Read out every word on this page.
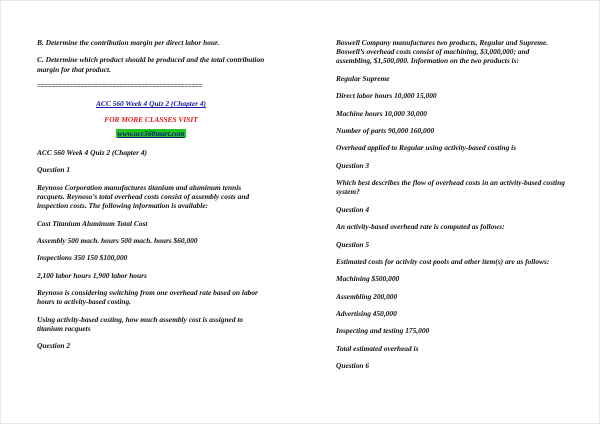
B. Determine the contribution margin per direct labor hour.

C. Determine which product should be produced and the total contribution margin for that product.

==============================================

ACC 560 Week 4 Quiz 2 (Chapter 4)

FOR MORE CLASSES VISIT

www.acc560mart.com

ACC 560 Week 4 Quiz 2 (Chapter 4)

Question 1

Reynoso Corporation manufactures titanium and aluminum tennis racquets. Reynoso’s total overhead costs consist of assembly costs and inspection costs. The following information is available:

Cost Titanium Aluminum Total Cost

Assembly 500 mach. hours 500 mach. hours $60,000

Inspections 350 150 $100,000

2,100 labor hours 1,900 labor hours

Reynoso is considering switching from one overhead rate based on labor hours to activity-based costing.

Using activity-based costing, how much assembly cost is assigned to titanium racquets

Question 2

Boswell Company manufactures two products, Regular and Supreme. Boswell’s overhead costs consist of machining, $3,000,000; and assembling, $1,500,000. Information on the two products is:

Regular Supreme

Direct labor hours 10,000 15,000

Machine hours 10,000 30,000

Number of parts 90,000 160,000

Overhead applied to Regular using activity-based costing is

Question 3

Which best describes the flow of overhead costs in an activity-based costing system?

Question 4

An activity-based overhead rate is computed as follows:

Question 5

Estimated costs for activity cost pools and other item(s) are as follows:

Machining $500,000

Assembling 200,000

Advertising 450,000

Inspecting and testing 175,000

Total estimated overhead is

Question 6
